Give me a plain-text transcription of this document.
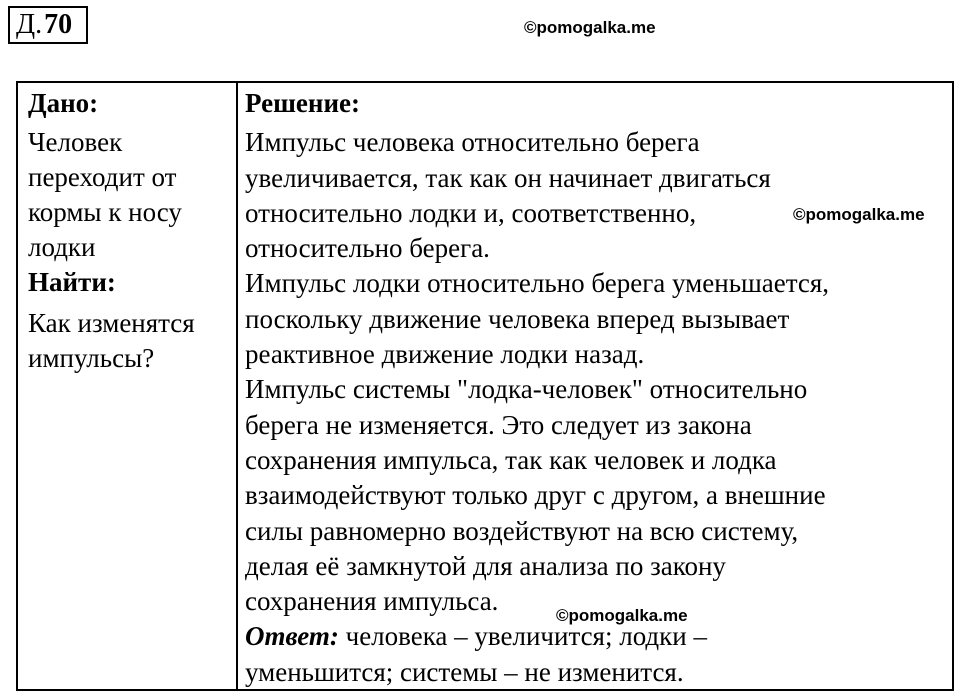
Д. 70	©pomogalka.me
Дано:
Человек
переходит от
кормы к носу
лодки
Найти:
Как изменятся
импульсы?
Решение:
Импульс человека относительно берега
увеличивается, так как он начинает двигаться
относительно лодки и, соответственно,
относительно берега.
Импульс лодки относительно берега уменьшается,
поскольку движение человека вперед вызывает
реактивное движение лодки назад.
Импульс системы "лодка-человек" относительно
берега не изменяется. Это следует из закона
сохранения импульса, так как человек и лодка
взаимодействуют только друг с другом, а внешние
силы равномерно воздействуют на всю систему,
делая её замкнутой для анализа по закону
сохранения импульса.
Ответ: человека – увеличится; лодки –
уменьшится; системы – не изменится.
©pomogalka.me
©pomogalka.me
